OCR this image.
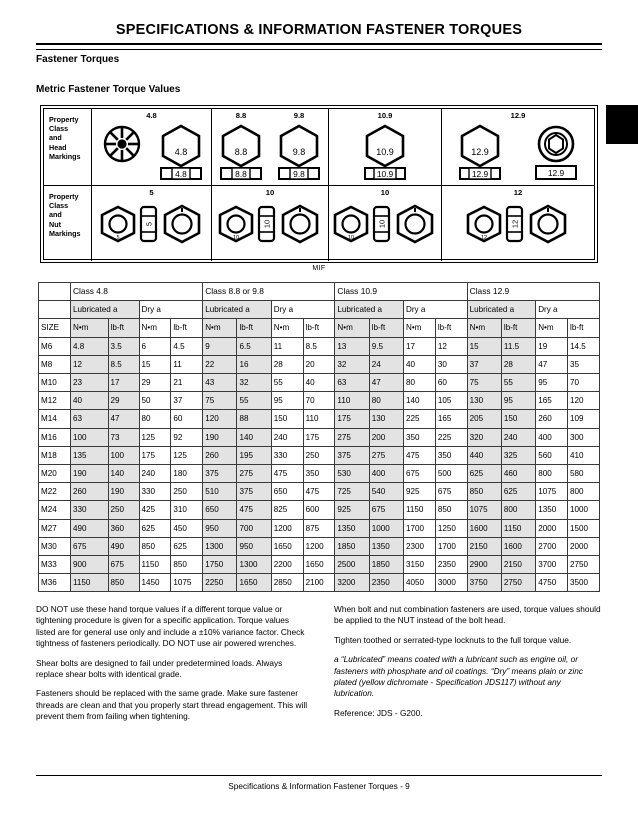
SPECIFICATIONS & INFORMATION FASTENER TORQUES
Fastener Torques
Metric Fastener Torque Values
Property
Class
and
Head
Markings
4.8
4.8
4.8
8.8	9.8
8.8
8.8
9.8
9.8
10.9
10.9
10.9
12.9
12.9
12.9	12.9
Property
Class
and
Nut
Markings
5
5
5
10
10
10
10
10
10
12
12
12
MIF
	Class 4.8				Class 8.8 or 9.8				Class 10.9				Class 12.9			
	Lubricated a		Dry a		Lubricated a		Dry a		Lubricated a		Dry a		Lubricated a		Dry a	
SIZE	N•m	lb-ft	N•m	lb-ft	N•m	lb-ft	N•m	lb-ft	N•m	lb-ft	N•m	lb-ft	N•m	lb-ft	N•m	lb-ft
M6	4.8	3.5	6	4.5	9	6.5	11	8.5	13	9.5	17	12	15	11.5	19	14.5
M8	12	8.5	15	11	22	16	28	20	32	24	40	30	37	28	47	35
M10	23	17	29	21	43	32	55	40	63	47	80	60	75	55	95	70
M12	40	29	50	37	75	55	95	70	110	80	140	105	130	95	165	120
M14	63	47	80	60	120	88	150	110	175	130	225	165	205	150	260	109
M16	100	73	125	92	190	140	240	175	275	200	350	225	320	240	400	300
M18	135	100	175	125	260	195	330	250	375	275	475	350	440	325	560	410
M20	190	140	240	180	375	275	475	350	530	400	675	500	625	460	800	580
M22	260	190	330	250	510	375	650	475	725	540	925	675	850	625	1075	800
M24	330	250	425	310	650	475	825	600	925	675	1150	850	1075	800	1350	1000
M27	490	360	625	450	950	700	1200	875	1350	1000	1700	1250	1600	1150	2000	1500
M30	675	490	850	625	1300	950	1650	1200	1850	1350	2300	1700	2150	1600	2700	2000
M33	900	675	1150	850	1750	1300	2200	1650	2500	1850	3150	2350	2900	2150	3700	2750
M36	1150	850	1450	1075	2250	1650	2850	2100	3200	2350	4050	3000	3750	2750	4750	3500

DO NOT use these hand torque values if a different torque value or tightening procedure is given for a specific application. Torque values listed are for general use only and include a ±10% variance factor. Check tightness of fasteners periodically. DO NOT use air powered wrenches.

Shear bolts are designed to fail under predetermined loads. Always replace shear bolts with identical grade.

Fasteners should be replaced with the same grade. Make sure fastener threads are clean and that you properly start thread engagement. This will prevent them from failing when tightening.

When bolt and nut combination fasteners are used, torque values should be applied to the NUT instead of the bolt head.

Tighten toothed or serrated-type locknuts to the full torque value.

a “Lubricated” means coated with a lubricant such as engine oil, or fasteners with phosphate and oil coatings. “Dry” means plain or zinc plated (yellow dichromate - Specification JDS117) without any lubrication.

Reference: JDS - G200.

Specifications & Information Fastener Torques - 9
